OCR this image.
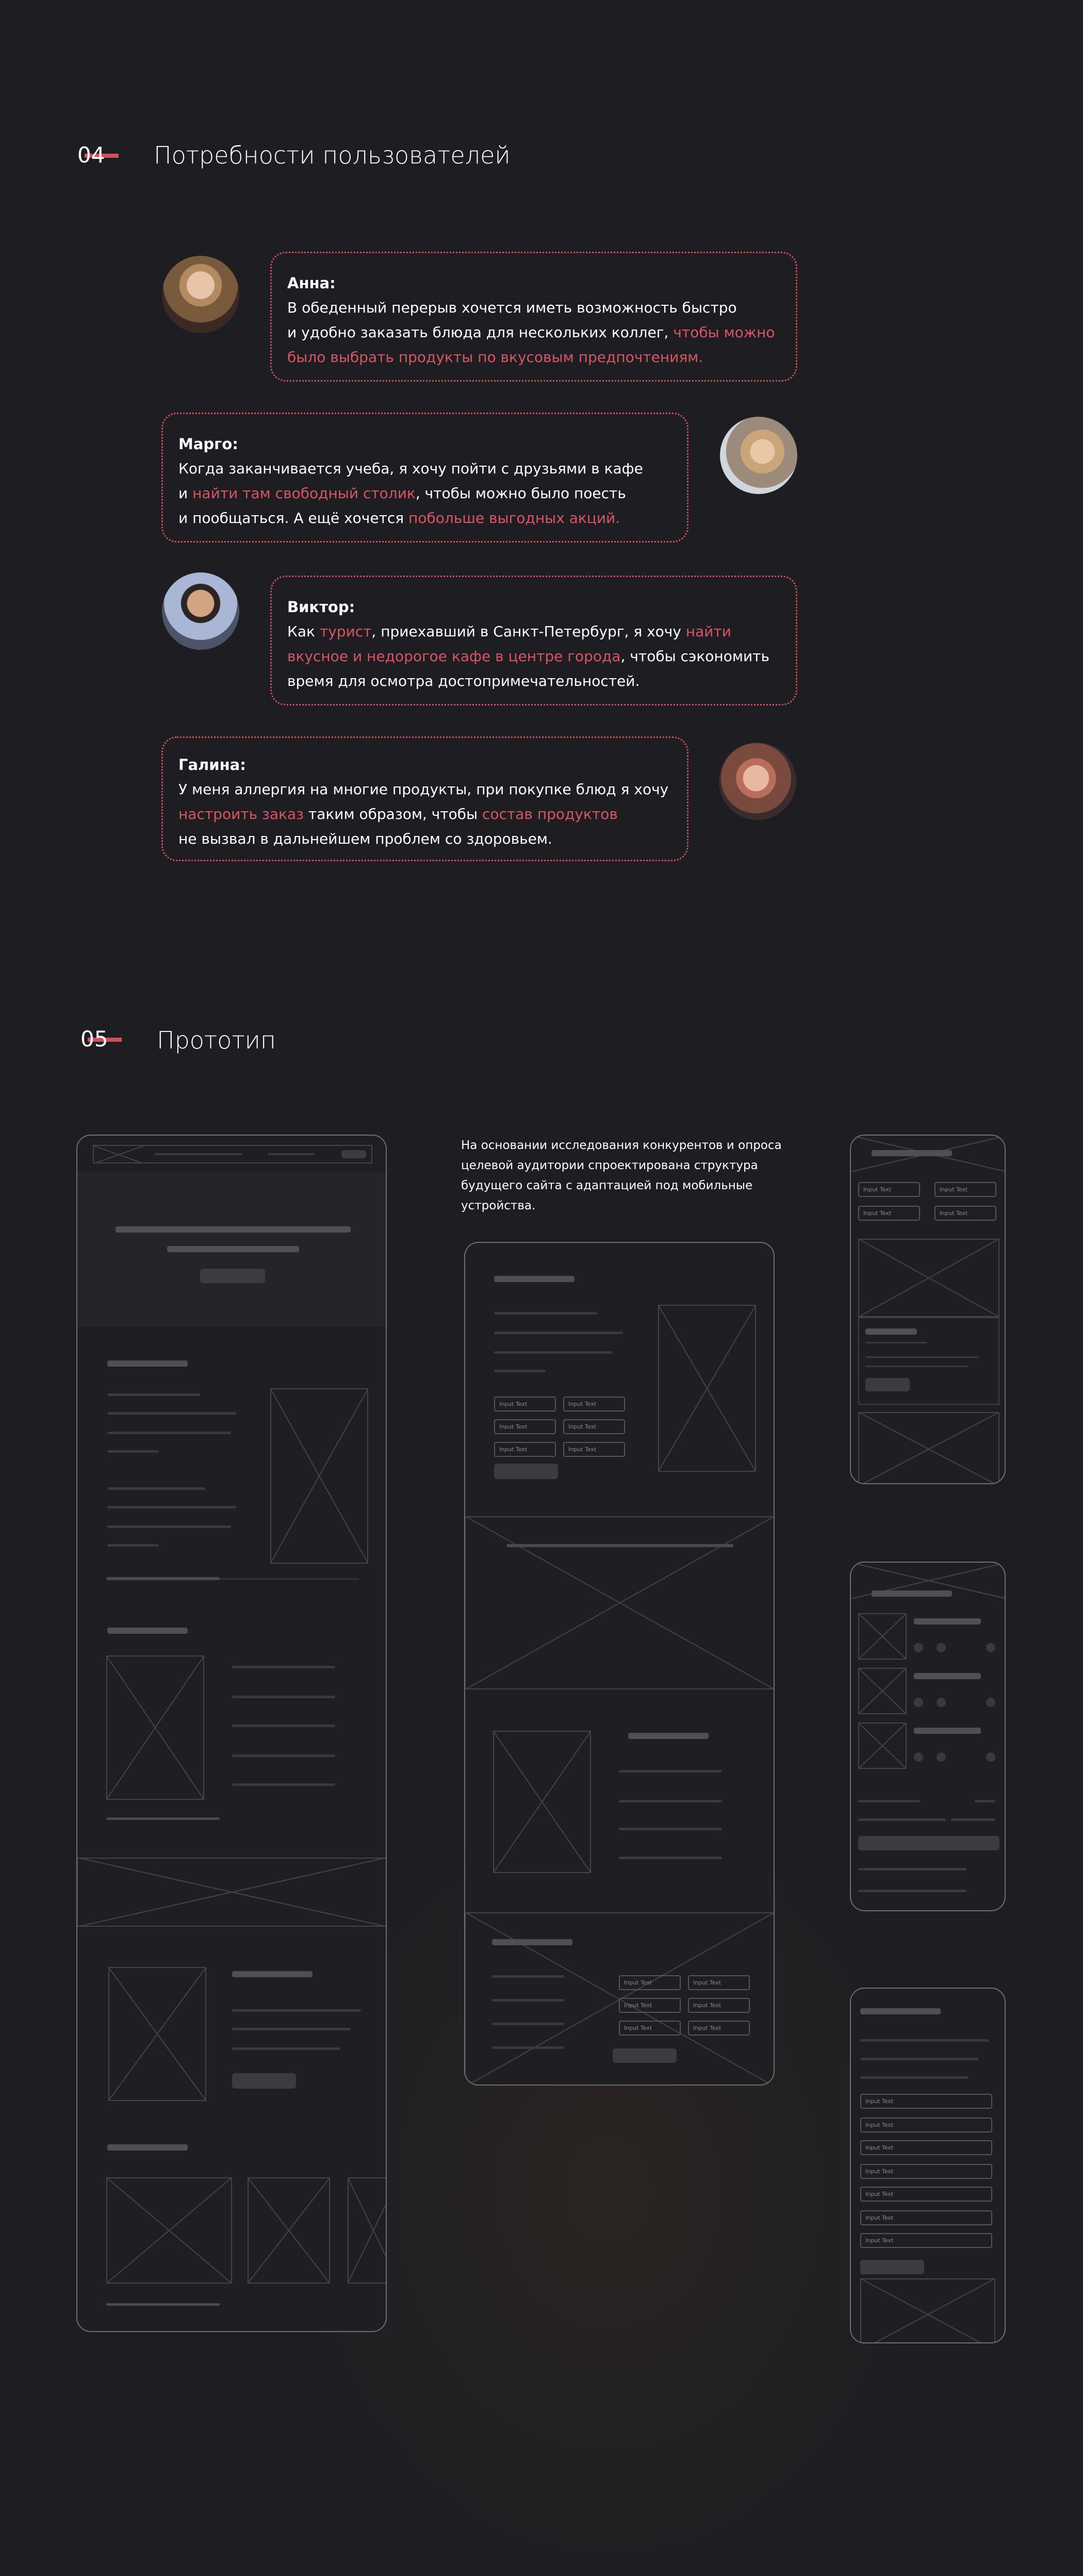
04 Потребности пользователей
Анна:
В обеденный перерыв хочется иметь возможность быстро
и удобно заказать блюда для нескольких коллег, чтобы можно
было выбрать продукты по вкусовым предпочтениям.
Марго:
Когда заканчивается учеба, я хочу пойти с друзьями в кафе
и найти там свободный столик, чтобы можно было поесть
и пообщаться. А ещё хочется побольше выгодных акций.
Виктор:
Как турист, приехавший в Санкт-Петербург, я хочу найти
вкусное и недорогое кафе в центре города, чтобы сэкономить
время для осмотра достопримечательностей.
Галина:
У меня аллергия на многие продукты, при покупке блюд я хочу
настроить заказ таким образом, чтобы состав продуктов
не вызвал в дальнейшем проблем со здоровьем.
05 Прототип
На основании исследования конкурентов и опроса
целевой аудитории спроектирована структура
будущего сайта с адаптацией под мобильные
устройства.
Input Text	Input Text
Input Text	Input Text
Input Text	Input Text
Input Text	Input Text
Input Text	Input Text
Input Text	Input Text
Input Text	Input Text
Input Text	Input Text
Input Text
Input Text
Input Text
Input Text
Input Text
Input Text
Input Text
